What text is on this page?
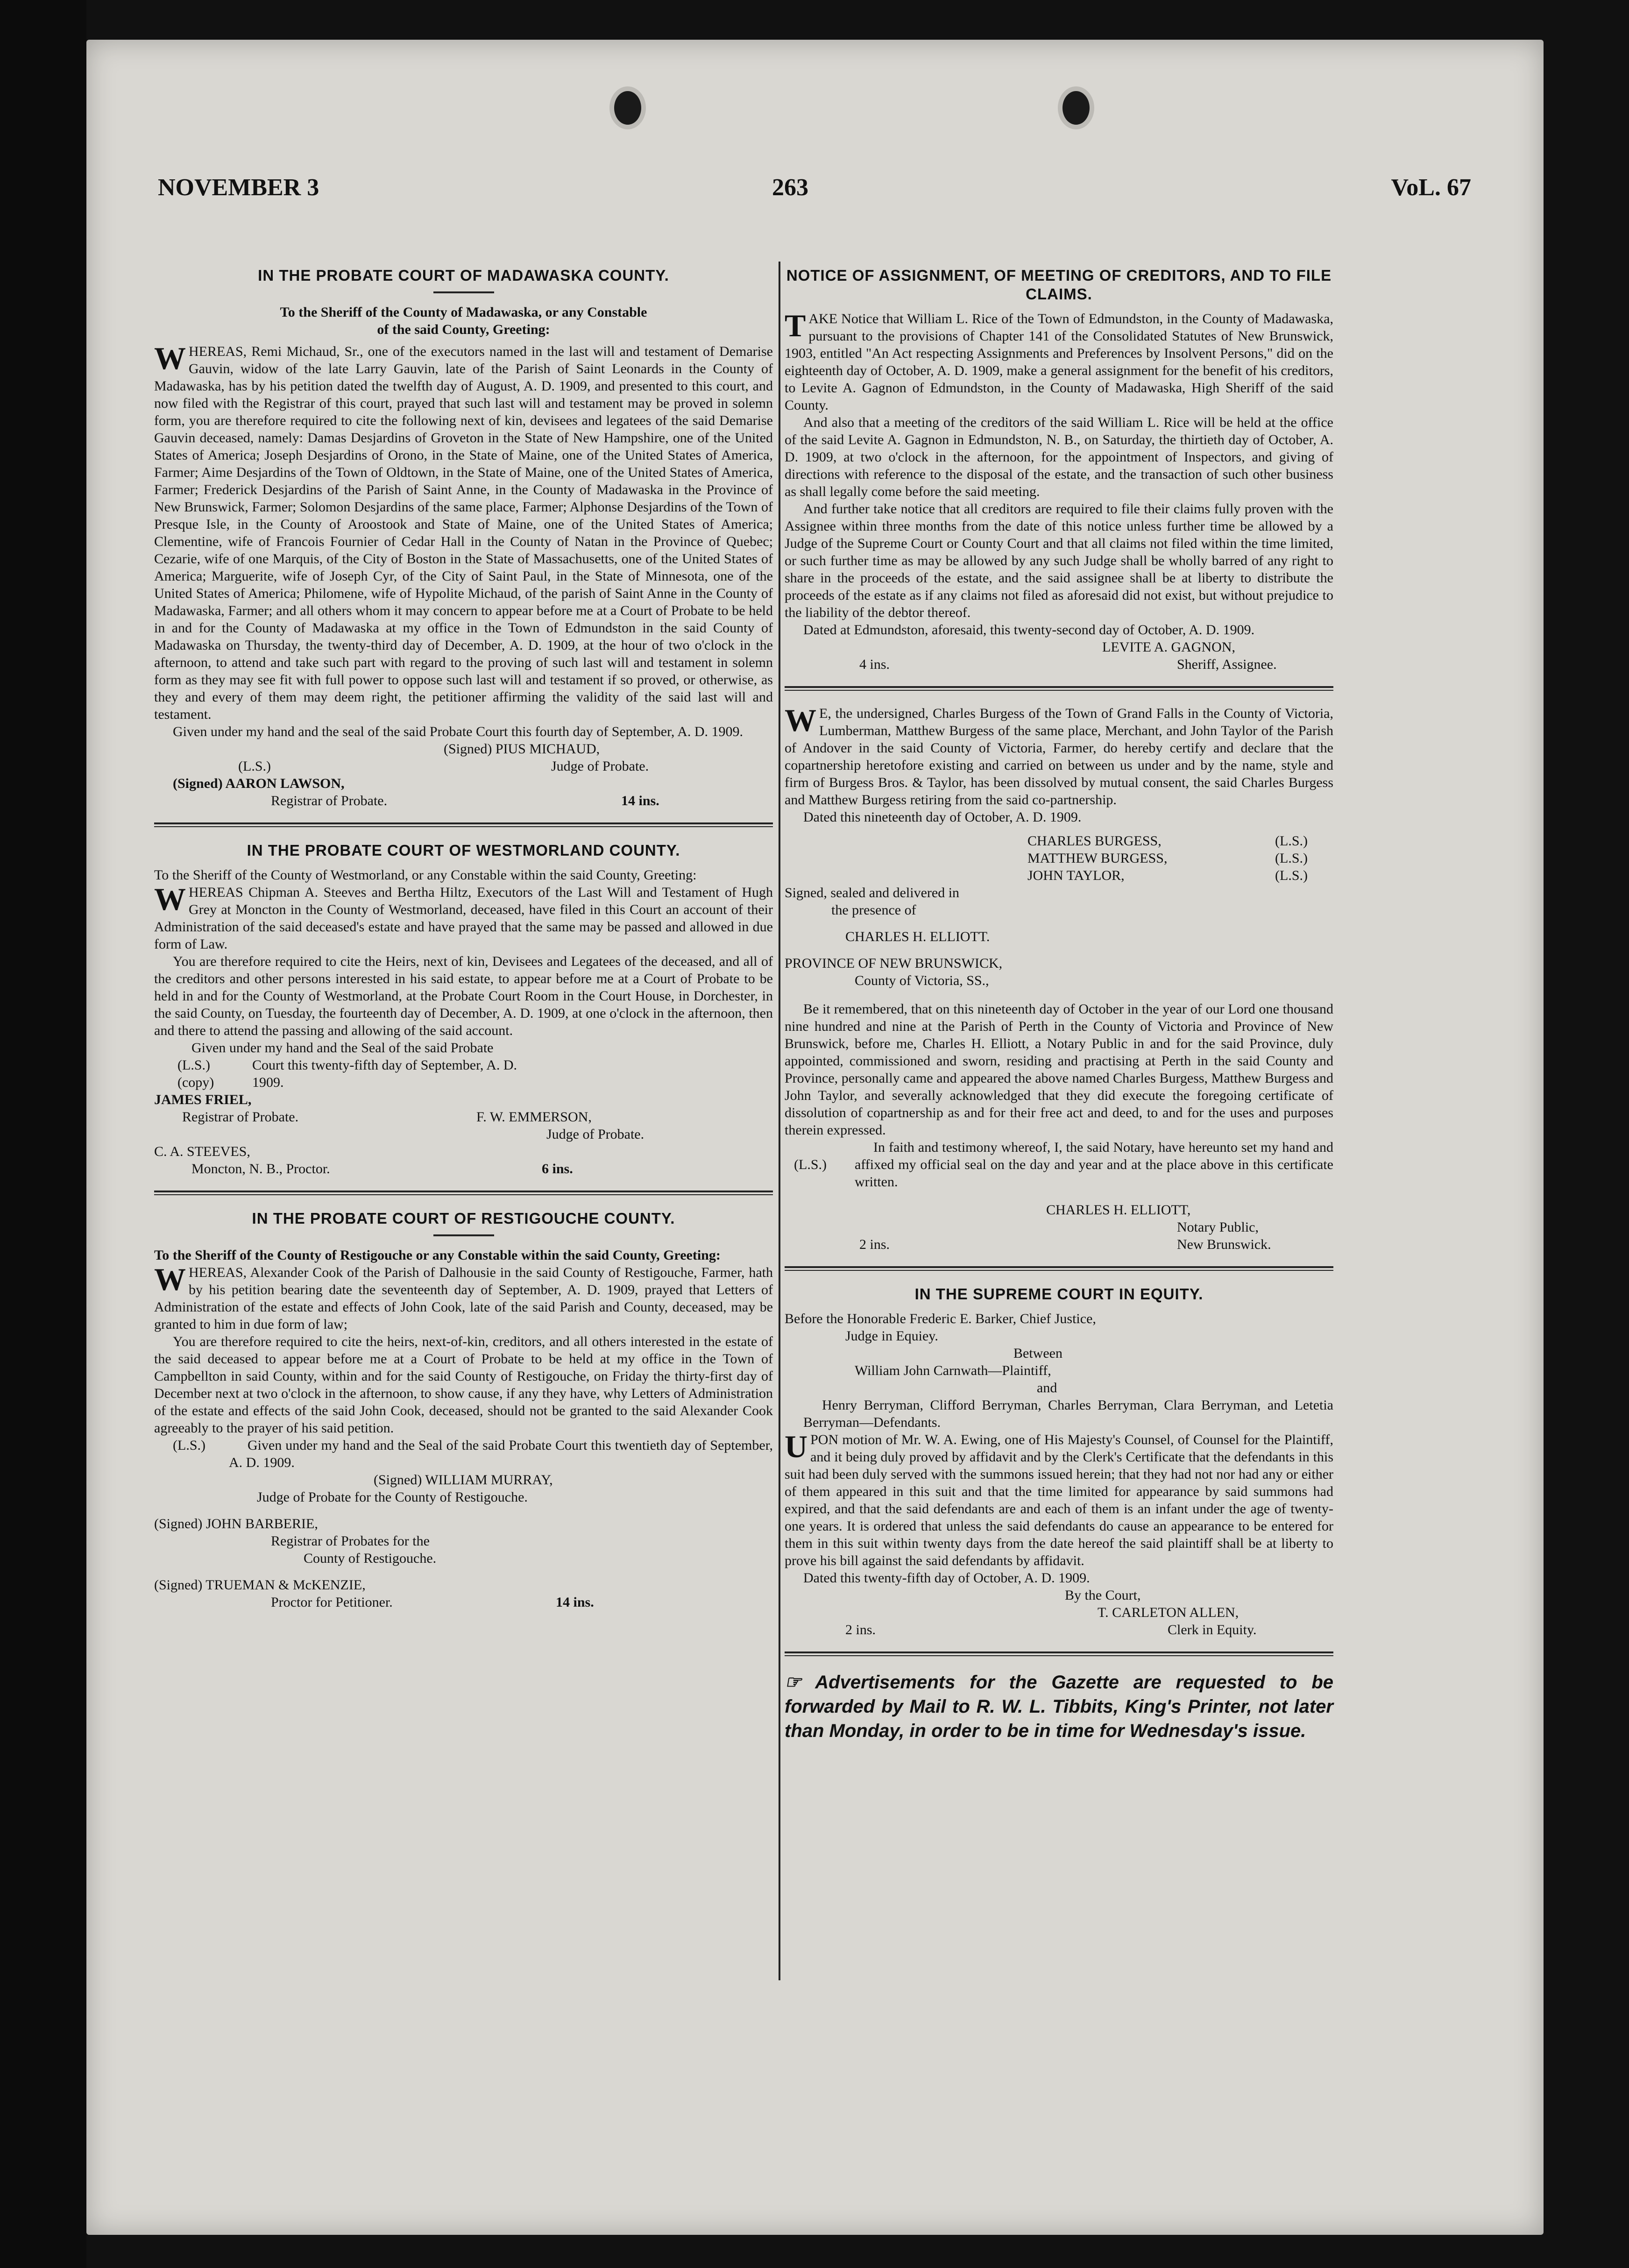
NOVEMBER 3	263	VoL. 67
IN THE PROBATE COURT OF MADAWASKA COUNTY.
To the Sheriff of the County of Madawaska, or any Constable
of the said County, Greeting:

WHEREAS, Remi Michaud, Sr., one of the executors named in the last will and testament of Demarise Gauvin, widow of the late Larry Gauvin, late of the Parish of Saint Leonards in the County of Madawaska, has by his petition dated the twelfth day of August, A. D. 1909, and presented to this court, and now filed with the Registrar of this court, prayed that such last will and testament may be proved in solemn form, you are therefore required to cite the following next of kin, devisees and legatees of the said Demarise Gauvin deceased, namely: Damas Desjardins of Groveton in the State of New Hampshire, one of the United States of America; Joseph Desjardins of Orono, in the State of Maine, one of the United States of America, Farmer; Aime Desjardins of the Town of Oldtown, in the State of Maine, one of the United States of America, Farmer; Frederick Desjardins of the Parish of Saint Anne, in the County of Madawaska in the Province of New Brunswick, Farmer; Solomon Desjardins of the same place, Farmer; Alphonse Desjardins of the Town of Presque Isle, in the County of Aroostook and State of Maine, one of the United States of America; Clementine, wife of Francois Fournier of Cedar Hall in the County of Natan in the Province of Quebec; Cezarie, wife of one Marquis, of the City of Boston in the State of Massachusetts, one of the United States of America; Marguerite, wife of Joseph Cyr, of the City of Saint Paul, in the State of Minnesota, one of the United States of America; Philomene, wife of Hypolite Michaud, of the parish of Saint Anne in the County of Madawaska, Farmer; and all others whom it may concern to appear before me at a Court of Probate to be held in and for the County of Madawaska at my office in the Town of Edmundston in the said County of Madawaska on Thursday, the twenty-third day of December, A. D. 1909, at the hour of two o'clock in the afternoon, to attend and take such part with regard to the proving of such last will and testament in solemn form as they may see fit with full power to oppose such last will and testament if so proved, or otherwise, as they and every of them may deem right, the petitioner affirming the validity of the said last will and testament.

Given under my hand and the seal of the said Probate Court this fourth day of September, A. D. 1909.

(Signed) PIUS MICHAUD,
(L.S.)	Judge of Probate.
(Signed) AARON LAWSON,
Registrar of Probate.	14 ins.
IN THE PROBATE COURT OF WESTMORLAND COUNTY.

To the Sheriff of the County of Westmorland, or any Constable within the said County, Greeting:

WHEREAS Chipman A. Steeves and Bertha Hiltz, Executors of the Last Will and Testament of Hugh Grey at Moncton in the County of Westmorland, deceased, have filed in this Court an account of their Administration of the said deceased's estate and have prayed that the same may be passed and allowed in due form of Law.

You are therefore required to cite the Heirs, next of kin, Devisees and Legatees of the deceased, and all of the creditors and other persons interested in his said estate, to appear before me at a Court of Probate to be held in and for the County of Westmorland, at the Probate Court Room in the Court House, in Dorchester, in the said County, on Tuesday, the fourteenth day of December, A. D. 1909, at one o'clock in the afternoon, then and there to attend the passing and allowing of the said account.

Given under my hand and the Seal of the said Probate
(L.S.)	Court this twenty-fifth day of September, A. D.
(copy)	1909.
JAMES FRIEL,
Registrar of Probate.	F. W. EMMERSON,
Judge of Probate.
C. A. STEEVES,
Moncton, N. B., Proctor.	6 ins.
IN THE PROBATE COURT OF RESTIGOUCHE COUNTY.

To the Sheriff of the County of Restigouche or any Constable within the said County, Greeting:

WHEREAS, Alexander Cook of the Parish of Dalhousie in the said County of Restigouche, Farmer, hath by his petition bearing date the seventeenth day of September, A. D. 1909, prayed that Letters of Administration of the estate and effects of John Cook, late of the said Parish and County, deceased, may be granted to him in due form of law;

You are therefore required to cite the heirs, next-of-kin, creditors, and all others interested in the estate of the said deceased to appear before me at a Court of Probate to be held at my office in the Town of Campbellton in said County, within and for the said County of Restigouche, on Friday the thirty-first day of December next at two o'clock in the afternoon, to show cause, if any they have, why Letters of Administration of the estate and effects of the said John Cook, deceased, should not be granted to the said Alexander Cook agreeably to the prayer of his said petition.

Given under my hand and the Seal of the said Probate Court this twentieth day of September, A. D. 1909.

(L.S.)
(Signed) WILLIAM MURRAY,
Judge of Probate for the County of Restigouche.
(Signed) JOHN BARBERIE,
Registrar of Probates for the
County of Restigouche.
(Signed) TRUEMAN & McKENZIE,
Proctor for Petitioner.	14 ins.
NOTICE OF ASSIGNMENT, OF MEETING OF CREDITORS, AND TO FILE CLAIMS.

TAKE Notice that William L. Rice of the Town of Edmundston, in the County of Madawaska, pursuant to the provisions of Chapter 141 of the Consolidated Statutes of New Brunswick, 1903, entitled "An Act respecting Assignments and Preferences by Insolvent Persons," did on the eighteenth day of October, A. D. 1909, make a general assignment for the benefit of his creditors, to Levite A. Gagnon of Edmundston, in the County of Madawaska, High Sheriff of the said County.

And also that a meeting of the creditors of the said William L. Rice will be held at the office of the said Levite A. Gagnon in Edmundston, N. B., on Saturday, the thirtieth day of October, A. D. 1909, at two o'clock in the afternoon, for the appointment of Inspectors, and giving of directions with reference to the disposal of the estate, and the transaction of such other business as shall legally come before the said meeting.

And further take notice that all creditors are required to file their claims fully proven with the Assignee within three months from the date of this notice unless further time be allowed by a Judge of the Supreme Court or County Court and that all claims not filed within the time limited, or such further time as may be allowed by any such Judge shall be wholly barred of any right to share in the proceeds of the estate, and the said assignee shall be at liberty to distribute the proceeds of the estate as if any claims not filed as aforesaid did not exist, but without prejudice to the liability of the debtor thereof.

Dated at Edmundston, aforesaid, this twenty-second day of October, A. D. 1909.

LEVITE A. GAGNON,
4 ins.	Sheriff, Assignee.

W E, the undersigned, Charles Burgess of the Town of Grand Falls in the County of Victoria, Lumberman, Matthew Burgess of the same place, Merchant, and John Taylor of the Parish of Andover in the said County of Victoria, Farmer, do hereby certify and declare that the copartnership heretofore existing and carried on between us under and by the name, style and firm of Burgess Bros. & Taylor, has been dissolved by mutual consent, the said Charles Burgess and Matthew Burgess retiring from the said co-partnership.

Dated this nineteenth day of October, A. D. 1909.

CHARLES BURGESS,	(L.S.)
MATTHEW BURGESS,	(L.S.)
JOHN TAYLOR,	(L.S.)
Signed, sealed and delivered in
the presence of
CHARLES H. ELLIOTT.
PROVINCE OF NEW BRUNSWICK,
County of Victoria, SS.,

Be it remembered, that on this nineteenth day of October in the year of our Lord one thousand nine hundred and nine at the Parish of Perth in the County of Victoria and Province of New Brunswick, before me, Charles H. Elliott, a Notary Public in and for the said Province, duly appointed, commissioned and sworn, residing and practising at Perth in the said County and Province, personally came and appeared the above named Charles Burgess, Matthew Burgess and John Taylor, and severally acknowledged that they did execute the foregoing certificate of dissolution of copartnership as and for their free act and deed, to and for the uses and purposes therein expressed.

In faith and testimony whereof, I, the said Notary, have hereunto set my hand and affixed my official seal on the day and year and at the place above in this certificate written.

(L.S.)
CHARLES H. ELLIOTT,
Notary Public,
2 ins.	New Brunswick.
IN THE SUPREME COURT IN EQUITY.
Before the Honorable Frederic E. Barker, Chief Justice,
Judge in Equiey.
Between
William John Carnwath—Plaintiff,
and

Henry Berryman, Clifford Berryman, Charles Berryman, Clara Berryman, and Letetia Berryman—Defendants.

UPON motion of Mr. W. A. Ewing, one of His Majesty's Counsel, of Counsel for the Plaintiff, and it being duly proved by affidavit and by the Clerk's Certificate that the defendants in this suit had been duly served with the summons issued herein; that they had not nor had any or either of them appeared in this suit and that the time limited for appearance by said summons had expired, and that the said defendants are and each of them is an infant under the age of twenty-one years. It is ordered that unless the said defendants do cause an appearance to be entered for them in this suit within twenty days from the date hereof the said plaintiff shall be at liberty to prove his bill against the said defendants by affidavit.

Dated this twenty-fifth day of October, A. D. 1909.

By the Court,
T. CARLETON ALLEN,
2 ins.	Clerk in Equity.
☞ Advertisements for the Gazette are requested to be forwarded by Mail to R. W. L. Tibbits, King's Printer, not later than Monday, in order to be in time for Wednesday's issue.
